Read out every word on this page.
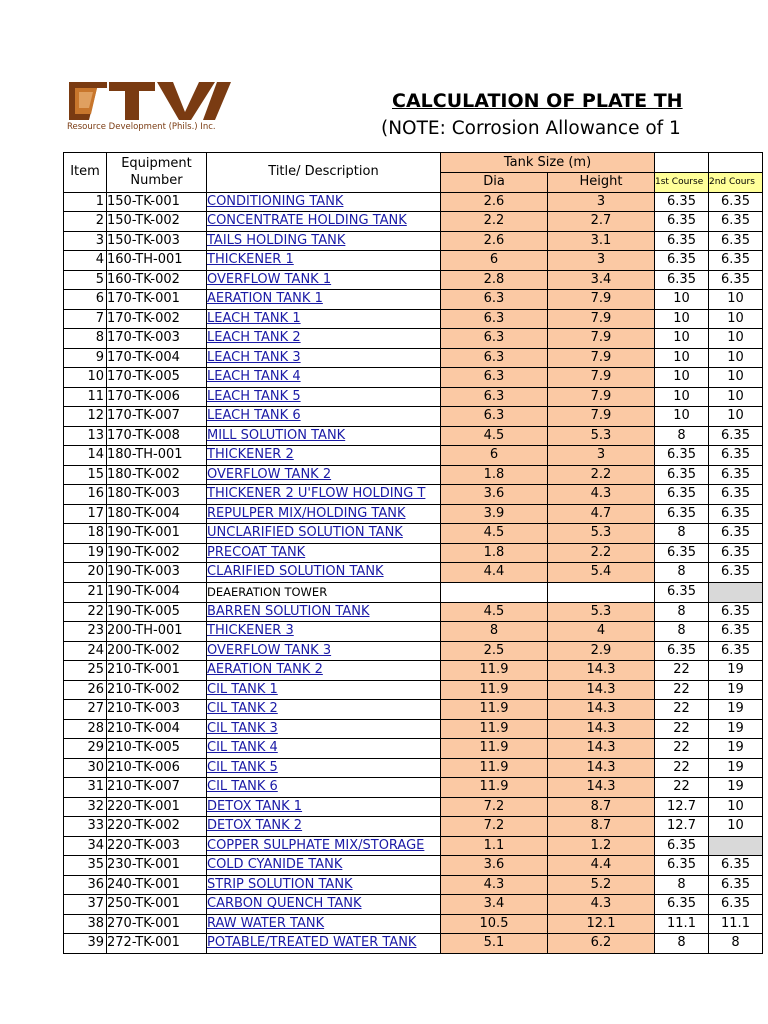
Resource Development (Phils.) Inc.
CALCULATION OF PLATE TH
(NOTE: Corrosion Allowance of 1
Item	Equipment Number	Title/ Description	Tank Size (m)			
			Dia	Height	1st Course	2nd Cours
1	150-TK-001	CONDITIONING TANK	2.6	3	6.35	6.35
2	150-TK-002	CONCENTRATE HOLDING TANK	2.2	2.7	6.35	6.35
3	150-TK-003	TAILS HOLDING TANK	2.6	3.1	6.35	6.35
4	160-TH-001	THICKENER 1	6	3	6.35	6.35
5	160-TK-002	OVERFLOW TANK 1	2.8	3.4	6.35	6.35
6	170-TK-001	AERATION TANK 1	6.3	7.9	10	10
7	170-TK-002	LEACH TANK 1	6.3	7.9	10	10
8	170-TK-003	LEACH TANK 2	6.3	7.9	10	10
9	170-TK-004	LEACH TANK 3	6.3	7.9	10	10
10	170-TK-005	LEACH TANK 4	6.3	7.9	10	10
11	170-TK-006	LEACH TANK 5	6.3	7.9	10	10
12	170-TK-007	LEACH TANK 6	6.3	7.9	10	10
13	170-TK-008	MILL SOLUTION TANK	4.5	5.3	8	6.35
14	180-TH-001	THICKENER 2	6	3	6.35	6.35
15	180-TK-002	OVERFLOW TANK 2	1.8	2.2	6.35	6.35
16	180-TK-003	THICKENER 2 U'FLOW HOLDING T	3.6	4.3	6.35	6.35
17	180-TK-004	REPULPER MIX/HOLDING TANK	3.9	4.7	6.35	6.35
18	190-TK-001	UNCLARIFIED SOLUTION TANK	4.5	5.3	8	6.35
19	190-TK-002	PRECOAT TANK	1.8	2.2	6.35	6.35
20	190-TK-003	CLARIFIED SOLUTION TANK	4.4	5.4	8	6.35
21	190-TK-004	DEAERATION TOWER			6.35	
22	190-TK-005	BARREN SOLUTION TANK	4.5	5.3	8	6.35
23	200-TH-001	THICKENER 3	8	4	8	6.35
24	200-TK-002	OVERFLOW TANK 3	2.5	2.9	6.35	6.35
25	210-TK-001	AERATION TANK 2	11.9	14.3	22	19
26	210-TK-002	CIL TANK 1	11.9	14.3	22	19
27	210-TK-003	CIL TANK 2	11.9	14.3	22	19
28	210-TK-004	CIL TANK 3	11.9	14.3	22	19
29	210-TK-005	CIL TANK 4	11.9	14.3	22	19
30	210-TK-006	CIL TANK 5	11.9	14.3	22	19
31	210-TK-007	CIL TANK 6	11.9	14.3	22	19
32	220-TK-001	DETOX TANK 1	7.2	8.7	12.7	10
33	220-TK-002	DETOX TANK 2	7.2	8.7	12.7	10
34	220-TK-003	COPPER SULPHATE MIX/STORAGE	1.1	1.2	6.35	
35	230-TK-001	COLD CYANIDE TANK	3.6	4.4	6.35	6.35
36	240-TK-001	STRIP SOLUTION TANK	4.3	5.2	8	6.35
37	250-TK-001	CARBON QUENCH TANK	3.4	4.3	6.35	6.35
38	270-TK-001	RAW WATER TANK	10.5	12.1	11.1	11.1
39	272-TK-001	POTABLE/TREATED WATER TANK	5.1	6.2	8	8
